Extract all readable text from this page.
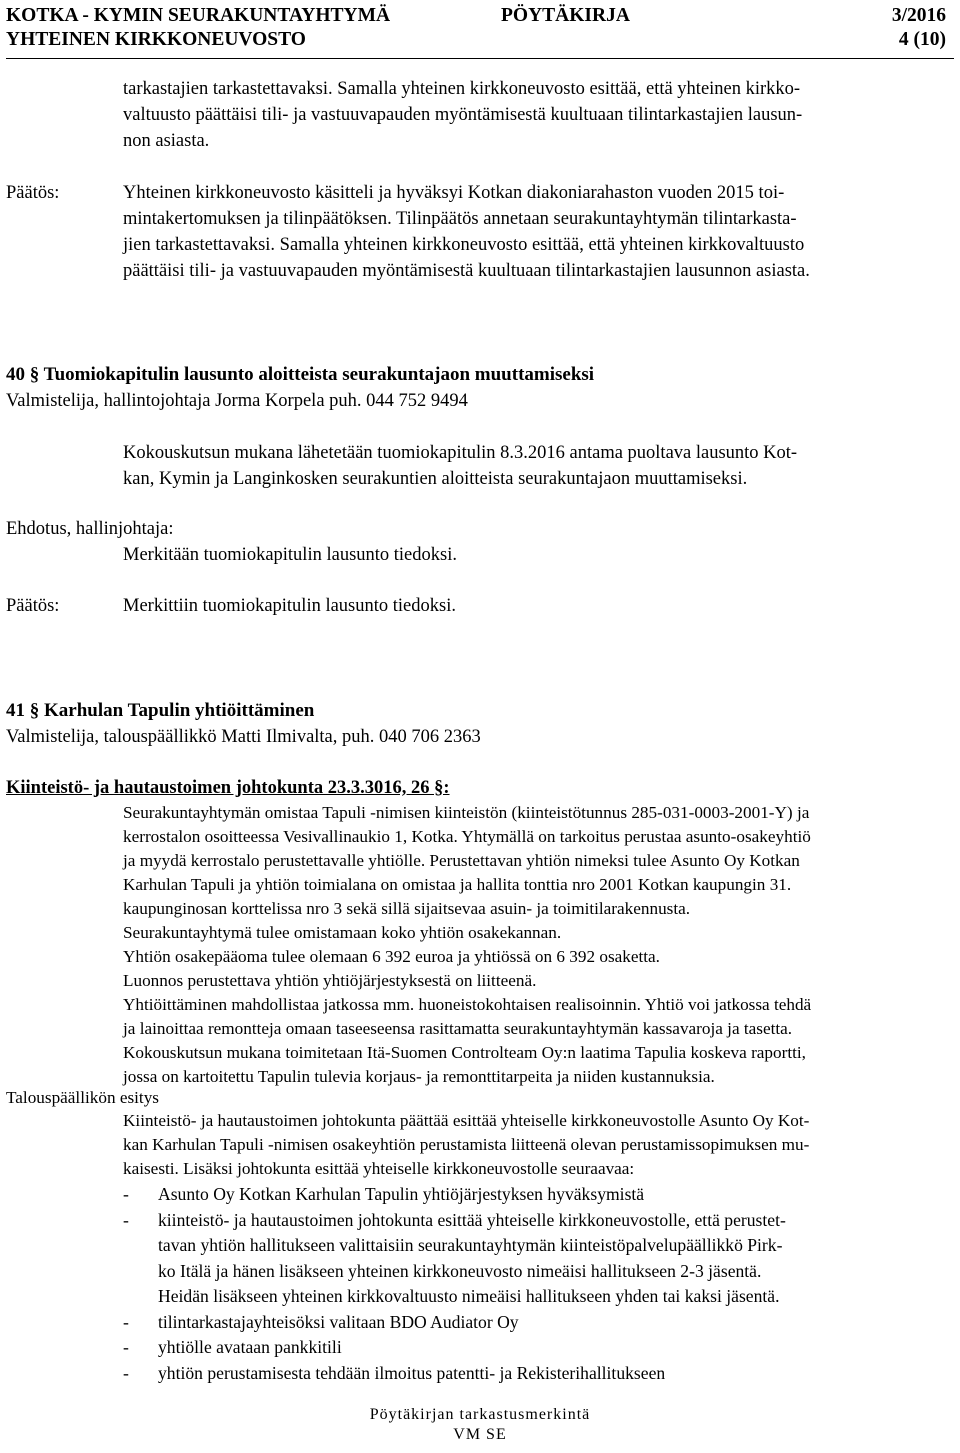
KOTKA - KYMIN SEURAKUNTAYHTYMÄ	PÖYTÄKIRJA	3/2016
YHTEINEN KIRKKONEUVOSTO	4 (10)
tarkastajien tarkastettavaksi. Samalla yhteinen kirkkoneuvosto esittää, että yhteinen kirkko-
valtuusto päättäisi tili- ja vastuuvapauden myöntämisestä kuultuaan tilintarkastajien lausun-
non asiasta.
Päätös:	Yhteinen kirkkoneuvosto käsitteli ja hyväksyi Kotkan diakoniarahaston vuoden 2015 toi-
mintakertomuksen ja tilinpäätöksen. Tilinpäätös annetaan seurakuntayhtymän tilintarkasta-
jien tarkastettavaksi. Samalla yhteinen kirkkoneuvosto esittää, että yhteinen kirkkovaltuusto
päättäisi tili- ja vastuuvapauden myöntämisestä kuultuaan tilintarkastajien lausunnon asiasta.
40 § Tuomiokapitulin lausunto aloitteista seurakuntajaon muuttamiseksi
Valmistelija, hallintojohtaja Jorma Korpela puh. 044 752 9494
Kokouskutsun mukana lähetetään tuomiokapitulin 8.3.2016 antama puoltava lausunto Kot-
kan, Kymin ja Langinkosken seurakuntien aloitteista seurakuntajaon muuttamiseksi.
Ehdotus, hallinjohtaja:
Merkitään tuomiokapitulin lausunto tiedoksi.
Päätös:	Merkittiin tuomiokapitulin lausunto tiedoksi.
41 § Karhulan Tapulin yhtiöittäminen
Valmistelija, talouspäällikkö Matti Ilmivalta, puh. 040 706 2363
Kiinteistö- ja hautaustoimen johtokunta 23.3.3016, 26 §:
Seurakuntayhtymän omistaa Tapuli -nimisen kiinteistön (kiinteistötunnus 285-031-0003-2001-Y) ja
kerrostalon osoitteessa Vesivallinaukio 1, Kotka. Yhtymällä on tarkoitus perustaa asunto-osakeyhtiö
ja myydä kerrostalo perustettavalle yhtiölle. Perustettavan yhtiön nimeksi tulee Asunto Oy Kotkan
Karhulan Tapuli ja yhtiön toimialana on omistaa ja hallita tonttia nro 2001 Kotkan kaupungin 31.
kaupunginosan korttelissa nro 3 sekä sillä sijaitsevaa asuin- ja toimitilarakennusta.
Seurakuntayhtymä tulee omistamaan koko yhtiön osakekannan.
Yhtiön osakepääoma tulee olemaan 6 392 euroa ja yhtiössä on 6 392 osaketta.
Luonnos perustettava yhtiön yhtiöjärjestyksestä on liitteenä.
Yhtiöittäminen mahdollistaa jatkossa mm. huoneistokohtaisen realisoinnin. Yhtiö voi jatkossa tehdä
ja lainoittaa remontteja omaan taseeseensa rasittamatta seurakuntayhtymän kassavaroja ja tasetta.
Kokouskutsun mukana toimitetaan Itä-Suomen Controlteam Oy:n laatima Tapulia koskeva raportti,
jossa on kartoitettu Tapulin tulevia korjaus- ja remonttitarpeita ja niiden kustannuksia.
Talouspäällikön esitys
Kiinteistö- ja hautaustoimen johtokunta päättää esittää yhteiselle kirkkoneuvostolle Asunto Oy Kot-
kan Karhulan Tapuli -nimisen osakeyhtiön perustamista liitteenä olevan perustamissopimuksen mu-
kaisesti. Lisäksi johtokunta esittää yhteiselle kirkkoneuvostolle seuraavaa:
- Asunto Oy Kotkan Karhulan Tapulin yhtiöjärjestyksen hyväksymistä
- kiinteistö- ja hautaustoimen johtokunta esittää yhteiselle kirkkoneuvostolle, että perustet-
tavan yhtiön hallitukseen valittaisiin seurakuntayhtymän kiinteistöpalvelupäällikkö Pirk-
ko Itälä ja hänen lisäkseen yhteinen kirkkoneuvosto nimeäisi hallitukseen 2-3 jäsentä.
Heidän lisäkseen yhteinen kirkkovaltuusto nimeäisi hallitukseen yhden tai kaksi jäsentä.
- tilintarkastajayhteisöksi valitaan BDO Audiator Oy
- yhtiölle avataan pankkitili
- yhtiön perustamisesta tehdään ilmoitus patentti- ja Rekisterihallitukseen
Pöytäkirjan tarkastusmerkintä
VM SE
